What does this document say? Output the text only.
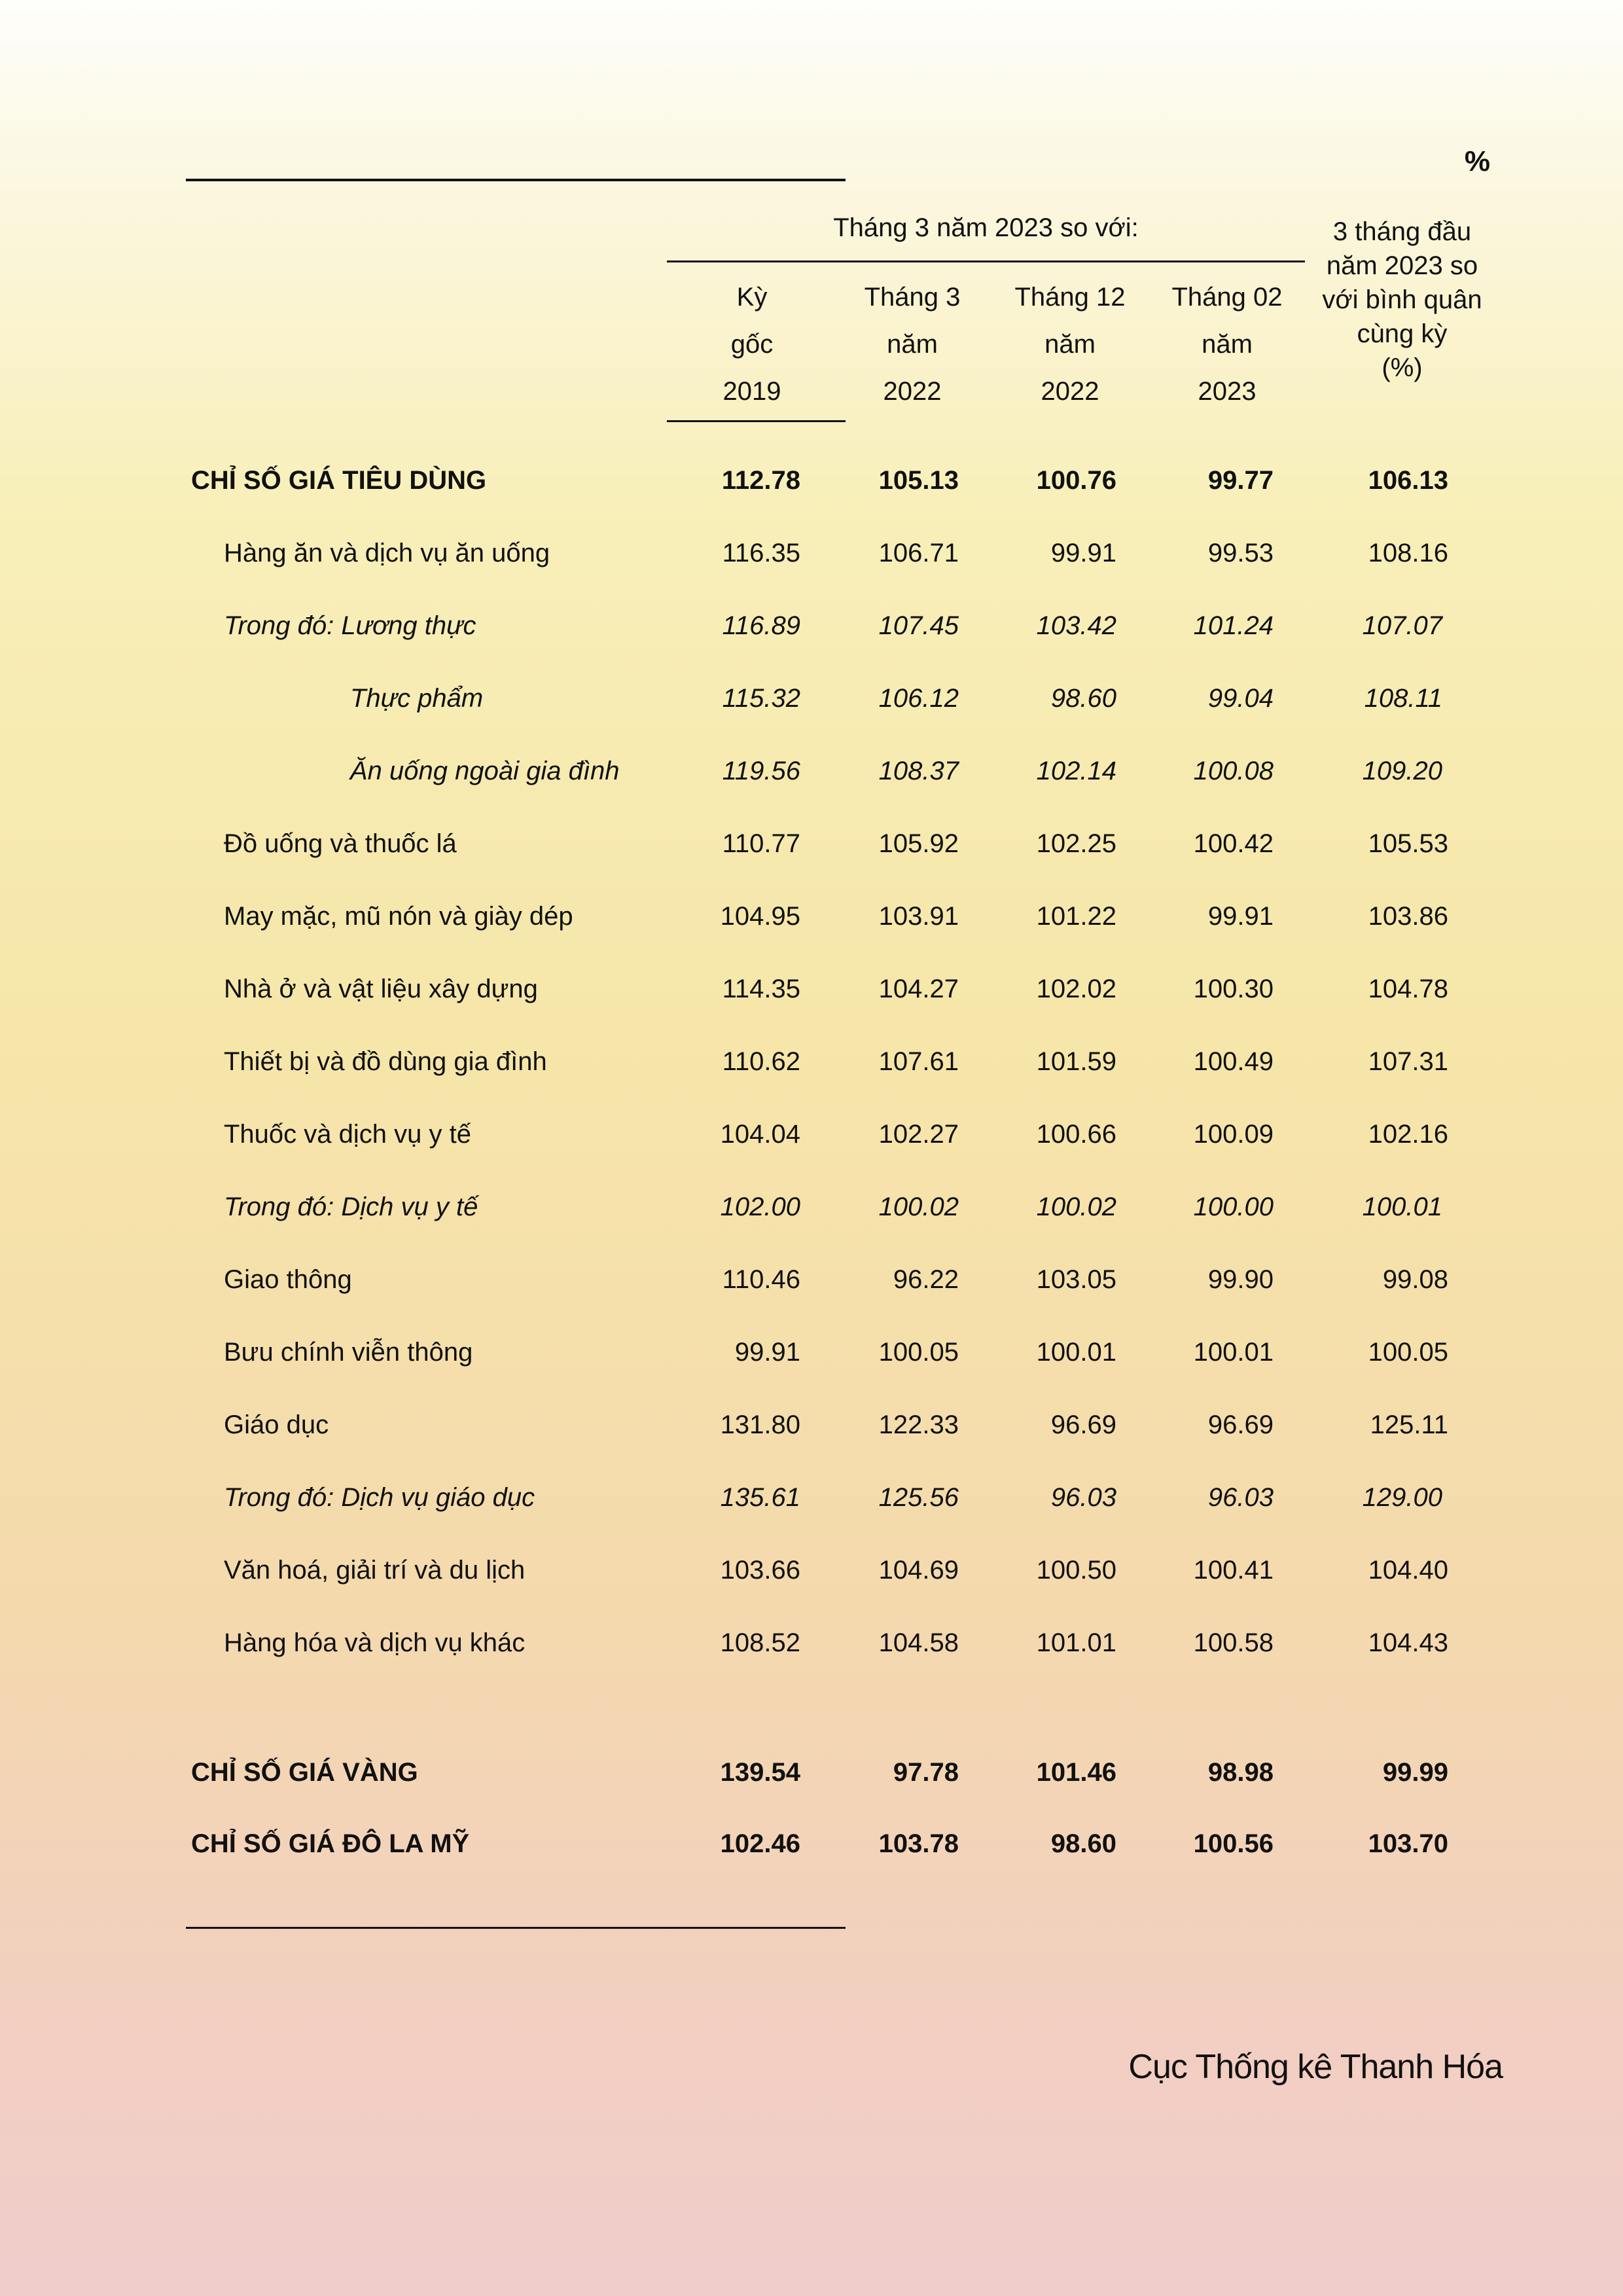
%
Tháng 3 năm 2023 so với:
Kỳ
gốc
2019
Tháng 3
năm
2022
Tháng 12
năm
2022
Tháng 02
năm
2023
3 tháng đầu
năm 2023 so
với bình quân
cùng kỳ
(%)
CHỈ SỐ GIÁ TIÊU DÙNG	112.78	105.13	100.76	99.77	106.13
Hàng ăn và dịch vụ ăn uống	116.35	106.71	99.91	99.53	108.16
Trong đó: Lương thực	116.89	107.45	103.42	101.24	107.07
Thực phẩm	115.32	106.12	98.60	99.04	108.11
Ăn uống ngoài gia đình	119.56	108.37	102.14	100.08	109.20
Đồ uống và thuốc lá	110.77	105.92	102.25	100.42	105.53
May mặc, mũ nón và giày dép	104.95	103.91	101.22	99.91	103.86
Nhà ở và vật liệu xây dựng	114.35	104.27	102.02	100.30	104.78
Thiết bị và đồ dùng gia đình	110.62	107.61	101.59	100.49	107.31
Thuốc và dịch vụ y tế	104.04	102.27	100.66	100.09	102.16
Trong đó: Dịch vụ y tế	102.00	100.02	100.02	100.00	100.01
Giao thông	110.46	96.22	103.05	99.90	99.08
Bưu chính viễn thông	99.91	100.05	100.01	100.01	100.05
Giáo dục	131.80	122.33	96.69	96.69	125.11
Trong đó: Dịch vụ giáo dục	135.61	125.56	96.03	96.03	129.00
Văn hoá, giải trí và du lịch	103.66	104.69	100.50	100.41	104.40
Hàng hóa và dịch vụ khác	108.52	104.58	101.01	100.58	104.43
CHỈ SỐ GIÁ VÀNG	139.54	97.78	101.46	98.98	99.99
CHỈ SỐ GIÁ ĐÔ LA MỸ	102.46	103.78	98.60	100.56	103.70
Cục Thống kê Thanh Hóa
